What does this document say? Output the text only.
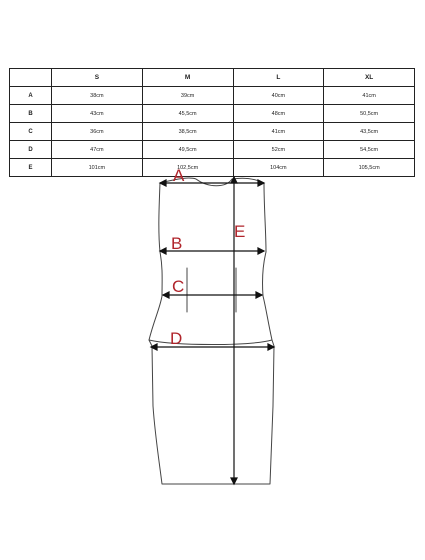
	S	M	L	XL
A	38cm	39cm	40cm	41cm
B	43cm	45,5cm	48cm	50,5cm
C	36cm	38,5cm	41cm	43,5cm
D	47cm	49,5cm	52cm	54,5cm
E	101cm	102,5cm	104cm	105,5cm
A
B
C
D
E
